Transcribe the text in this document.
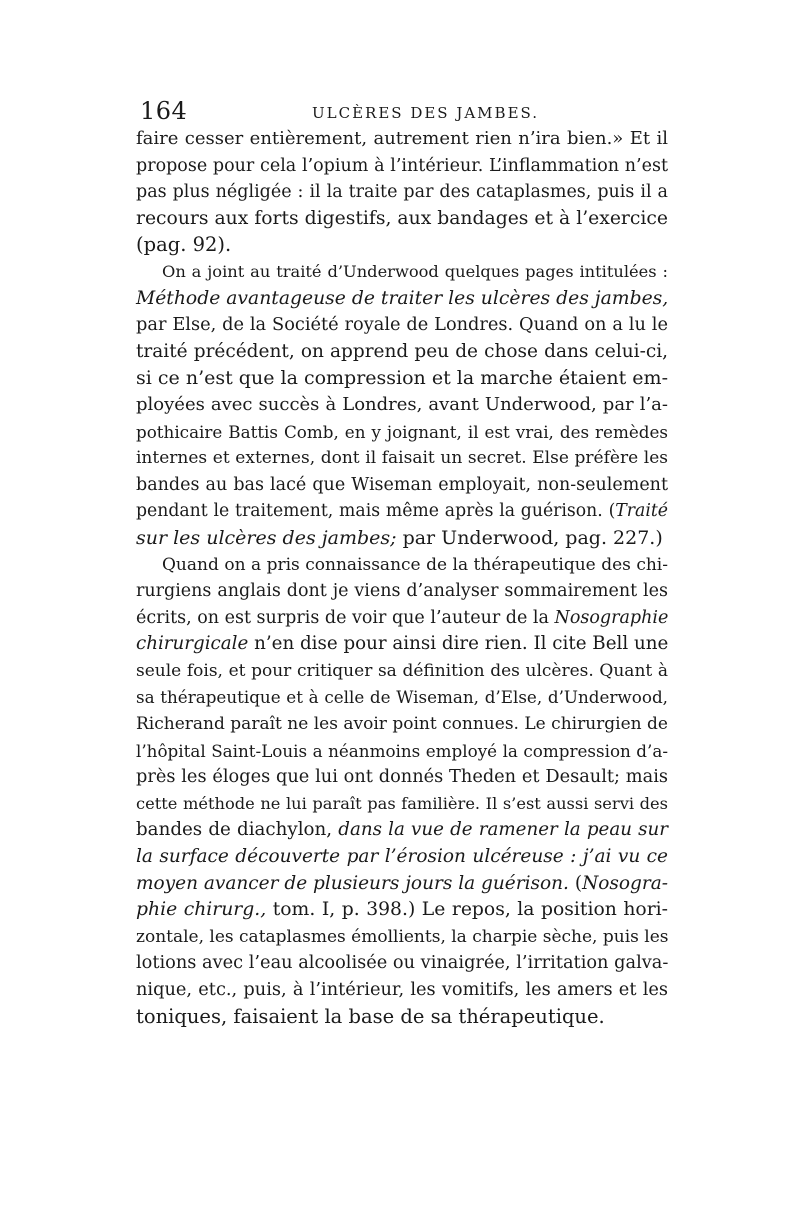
164	ULCÈRES DES JAMBES.
faire cesser entièrement, autrement rien n’ira bien.» Et il
propose pour cela l’opium à l’intérieur. L’inflammation n’est
pas plus négligée : il la traite par des cataplasmes, puis il a
recours aux forts digestifs, aux bandages et à l’exercice
(pag. 92).
On a joint au traité d’Underwood quelques pages intitulées :
Méthode avantageuse de traiter les ulcères des jambes,
par Else, de la Société royale de Londres. Quand on a lu le
traité précédent, on apprend peu de chose dans celui-ci,
si ce n’est que la compression et la marche étaient em-
ployées avec succès à Londres, avant Underwood, par l’a-
pothicaire Battis Comb, en y joignant, il est vrai, des remèdes
internes et externes, dont il faisait un secret. Else préfère les
bandes au bas lacé que Wiseman employait, non-seulement
pendant le traitement, mais même après la guérison. (Traité
sur les ulcères des jambes; par Underwood, pag. 227.)
Quand on a pris connaissance de la thérapeutique des chi-
rurgiens anglais dont je viens d’analyser sommairement les
écrits, on est surpris de voir que l’auteur de la Nosographie
chirurgicale n’en dise pour ainsi dire rien. Il cite Bell une
seule fois, et pour critiquer sa définition des ulcères. Quant à
sa thérapeutique et à celle de Wiseman, d’Else, d’Underwood,
Richerand paraît ne les avoir point connues. Le chirurgien de
l’hôpital Saint-Louis a néanmoins employé la compression d’a-
près les éloges que lui ont donnés Theden et Desault; mais
cette méthode ne lui paraît pas familière. Il s’est aussi servi des
bandes de diachylon, dans la vue de ramener la peau sur
la surface découverte par l’érosion ulcéreuse : j’ai vu ce
moyen avancer de plusieurs jours la guérison. (Nosogra-
phie chirurg., tom. I, p. 398.) Le repos, la position hori-
zontale, les cataplasmes émollients, la charpie sèche, puis les
lotions avec l’eau alcoolisée ou vinaigrée, l’irritation galva-
nique, etc., puis, à l’intérieur, les vomitifs, les amers et les
toniques, faisaient la base de sa thérapeutique.
